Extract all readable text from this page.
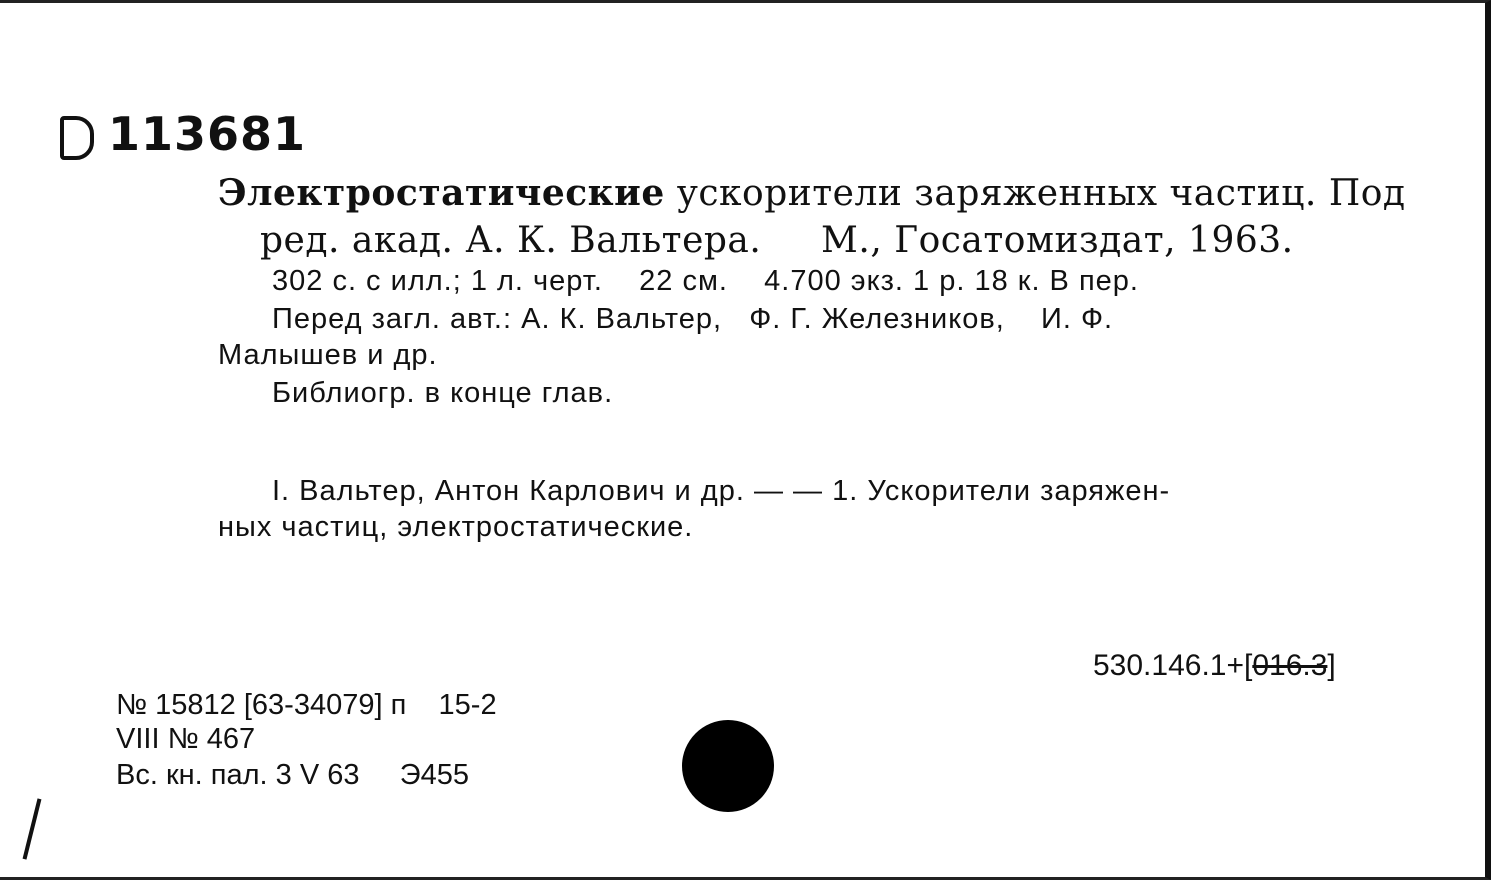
113681
Электростатические ускорители заряженных частиц. Под
ред. акад. А. К. Вальтера.     М., Госатомиздат, 1963.
302 с. с илл.; 1 л. черт.    22 см.    4.700 экз. 1 р. 18 к. В пер.
Перед загл. авт.: А. К. Вальтер,   Ф. Г. Железников,    И. Ф.
Малышев и др.
Библиогр. в конце глав.
I. Вальтер, Антон Карлович и др. — — 1. Ускорители заряжен-
ных частиц, электростатические.
530.146.1+[016.3]
№ 15812 [63-34079] п    15-2
VIII № 467
Вс. кн. пал. 3 V 63     Э455
